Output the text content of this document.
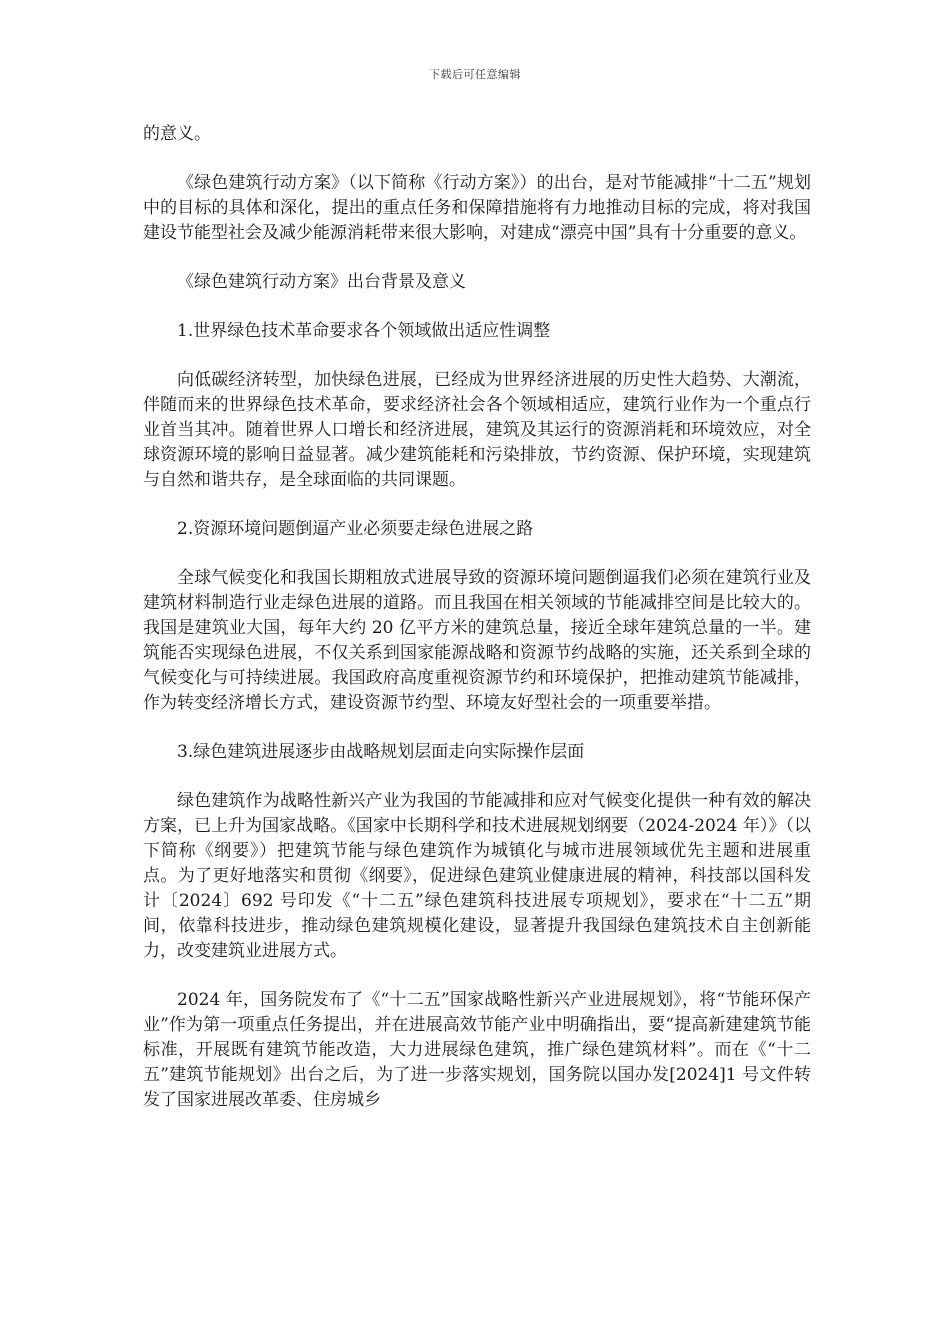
下载后可任意编辑

的意义。

《绿色建筑行动方案》（以下简称《行动方案》）的出台，是对节能减排“十二五”规划中的目标的具体和深化，提出的重点任务和保障措施将有力地推动目标的完成，将对我国建设节能型社会及减少能源消耗带来很大影响，对建成“漂亮中国”具有十分重要的意义。

《绿色建筑行动方案》出台背景及意义

1.世界绿色技术革命要求各个领域做出适应性调整

向低碳经济转型，加快绿色进展，已经成为世界经济进展的历史性大趋势、大潮流，伴随而来的世界绿色技术革命，要求经济社会各个领域相适应，建筑行业作为一个重点行业首当其冲。随着世界人口增长和经济进展，建筑及其运行的资源消耗和环境效应，对全球资源环境的影响日益显著。减少建筑能耗和污染排放，节约资源、保护环境，实现建筑与自然和谐共存，是全球面临的共同课题。

2.资源环境问题倒逼产业必须要走绿色进展之路

全球气候变化和我国长期粗放式进展导致的资源环境问题倒逼我们必须在建筑行业及建筑材料制造行业走绿色进展的道路。而且我国在相关领域的节能减排空间是比较大的。我国是建筑业大国，每年大约 20 亿平方米的建筑总量，接近全球年建筑总量的一半。建筑能否实现绿色进展，不仅关系到国家能源战略和资源节约战略的实施，还关系到全球的气候变化与可持续进展。我国政府高度重视资源节约和环境保护，把推动建筑节能减排，作为转变经济增长方式，建设资源节约型、环境友好型社会的一项重要举措。

3.绿色建筑进展逐步由战略规划层面走向实际操作层面

绿色建筑作为战略性新兴产业为我国的节能减排和应对气候变化提供一种有效的解决方案，已上升为国家战略。《国家中长期科学和技术进展规划纲要（2024-2024 年）》（以下简称《纲要》）把建筑节能与绿色建筑作为城镇化与城市进展领域优先主题和进展重点。为了更好地落实和贯彻《纲要》，促进绿色建筑业健康进展的精神，科技部以国科发计〔2024〕692 号印发《“十二五”绿色建筑科技进展专项规划》，要求在“十二五”期间，依靠科技进步，推动绿色建筑规模化建设，显著提升我国绿色建筑技术自主创新能力，改变建筑业进展方式。

2024 年，国务院发布了《“十二五”国家战略性新兴产业进展规划》，将“节能环保产业”作为第一项重点任务提出，并在进展高效节能产业中明确指出，要“提高新建建筑节能标准，开展既有建筑节能改造，大力进展绿色建筑，推广绿色建筑材料”。而在《“十二五”建筑节能规划》出台之后，为了进一步落实规划，国务院以国办发[2024]1 号文件转发了国家进展改革委、住房城乡
